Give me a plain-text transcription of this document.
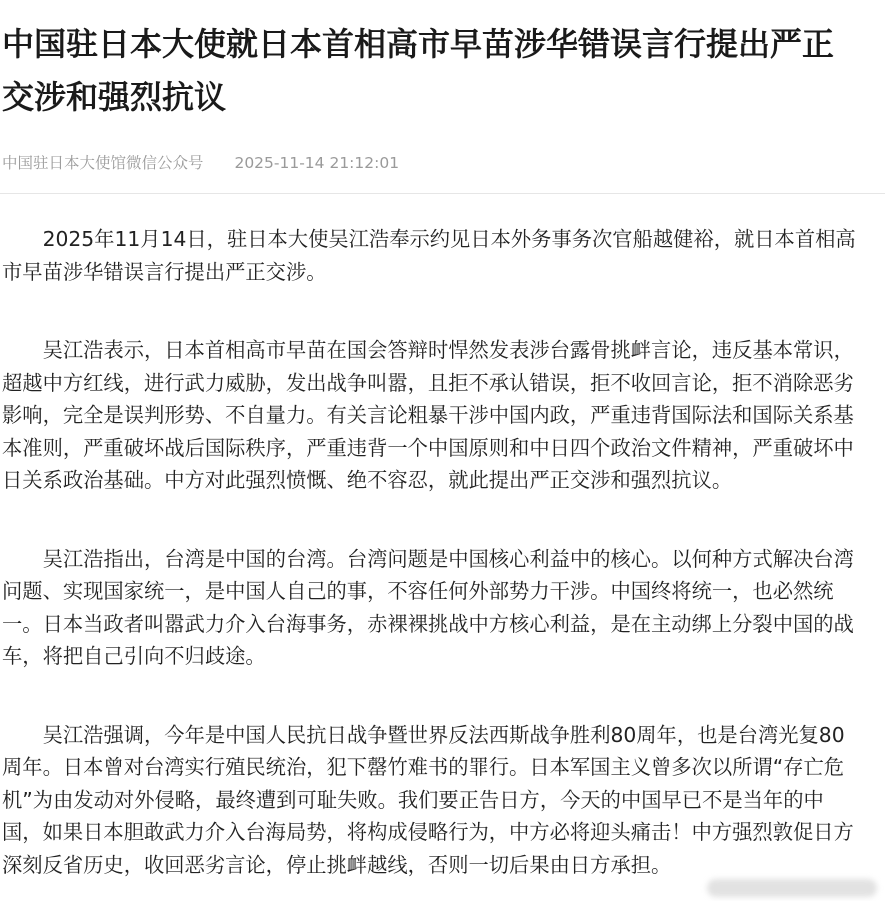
中国驻日本大使就日本首相高市早苗涉华错误言行提出严正交涉和强烈抗议
中国驻日本大使馆微信公众号 2025-11-14 21:12:01

2025年11月14日，驻日本大使吴江浩奉示约见日本外务事务次官船越健裕，就日本首相高市早苗涉华错误言行提出严正交涉。

吴江浩表示，日本首相高市早苗在国会答辩时悍然发表涉台露骨挑衅言论，违反基本常识，超越中方红线，进行武力威胁，发出战争叫嚣，且拒不承认错误，拒不收回言论，拒不消除恶劣影响，完全是误判形势、不自量力。有关言论粗暴干涉中国内政，严重违背国际法和国际关系基本准则，严重破坏战后国际秩序，严重违背一个中国原则和中日四个政治文件精神，严重破坏中日关系政治基础。中方对此强烈愤慨、绝不容忍，就此提出严正交涉和强烈抗议。

吴江浩指出，台湾是中国的台湾。台湾问题是中国核心利益中的核心。以何种方式解决台湾问题、实现国家统一，是中国人自己的事，不容任何外部势力干涉。中国终将统一，也必然统一。日本当政者叫嚣武力介入台海事务，赤裸裸挑战中方核心利益，是在主动绑上分裂中国的战车，将把自己引向不归歧途。

吴江浩强调，今年是中国人民抗日战争暨世界反法西斯战争胜利80周年，也是台湾光复80周年。日本曾对台湾实行殖民统治，犯下罄竹难书的罪行。日本军国主义曾多次以所谓“存亡危机”为由发动对外侵略，最终遭到可耻失败。我们要正告日方，今天的中国早已不是当年的中国，如果日本胆敢武力介入台海局势，将构成侵略行为，中方必将迎头痛击！中方强烈敦促日方深刻反省历史，收回恶劣言论，停止挑衅越线，否则一切后果由日方承担。
